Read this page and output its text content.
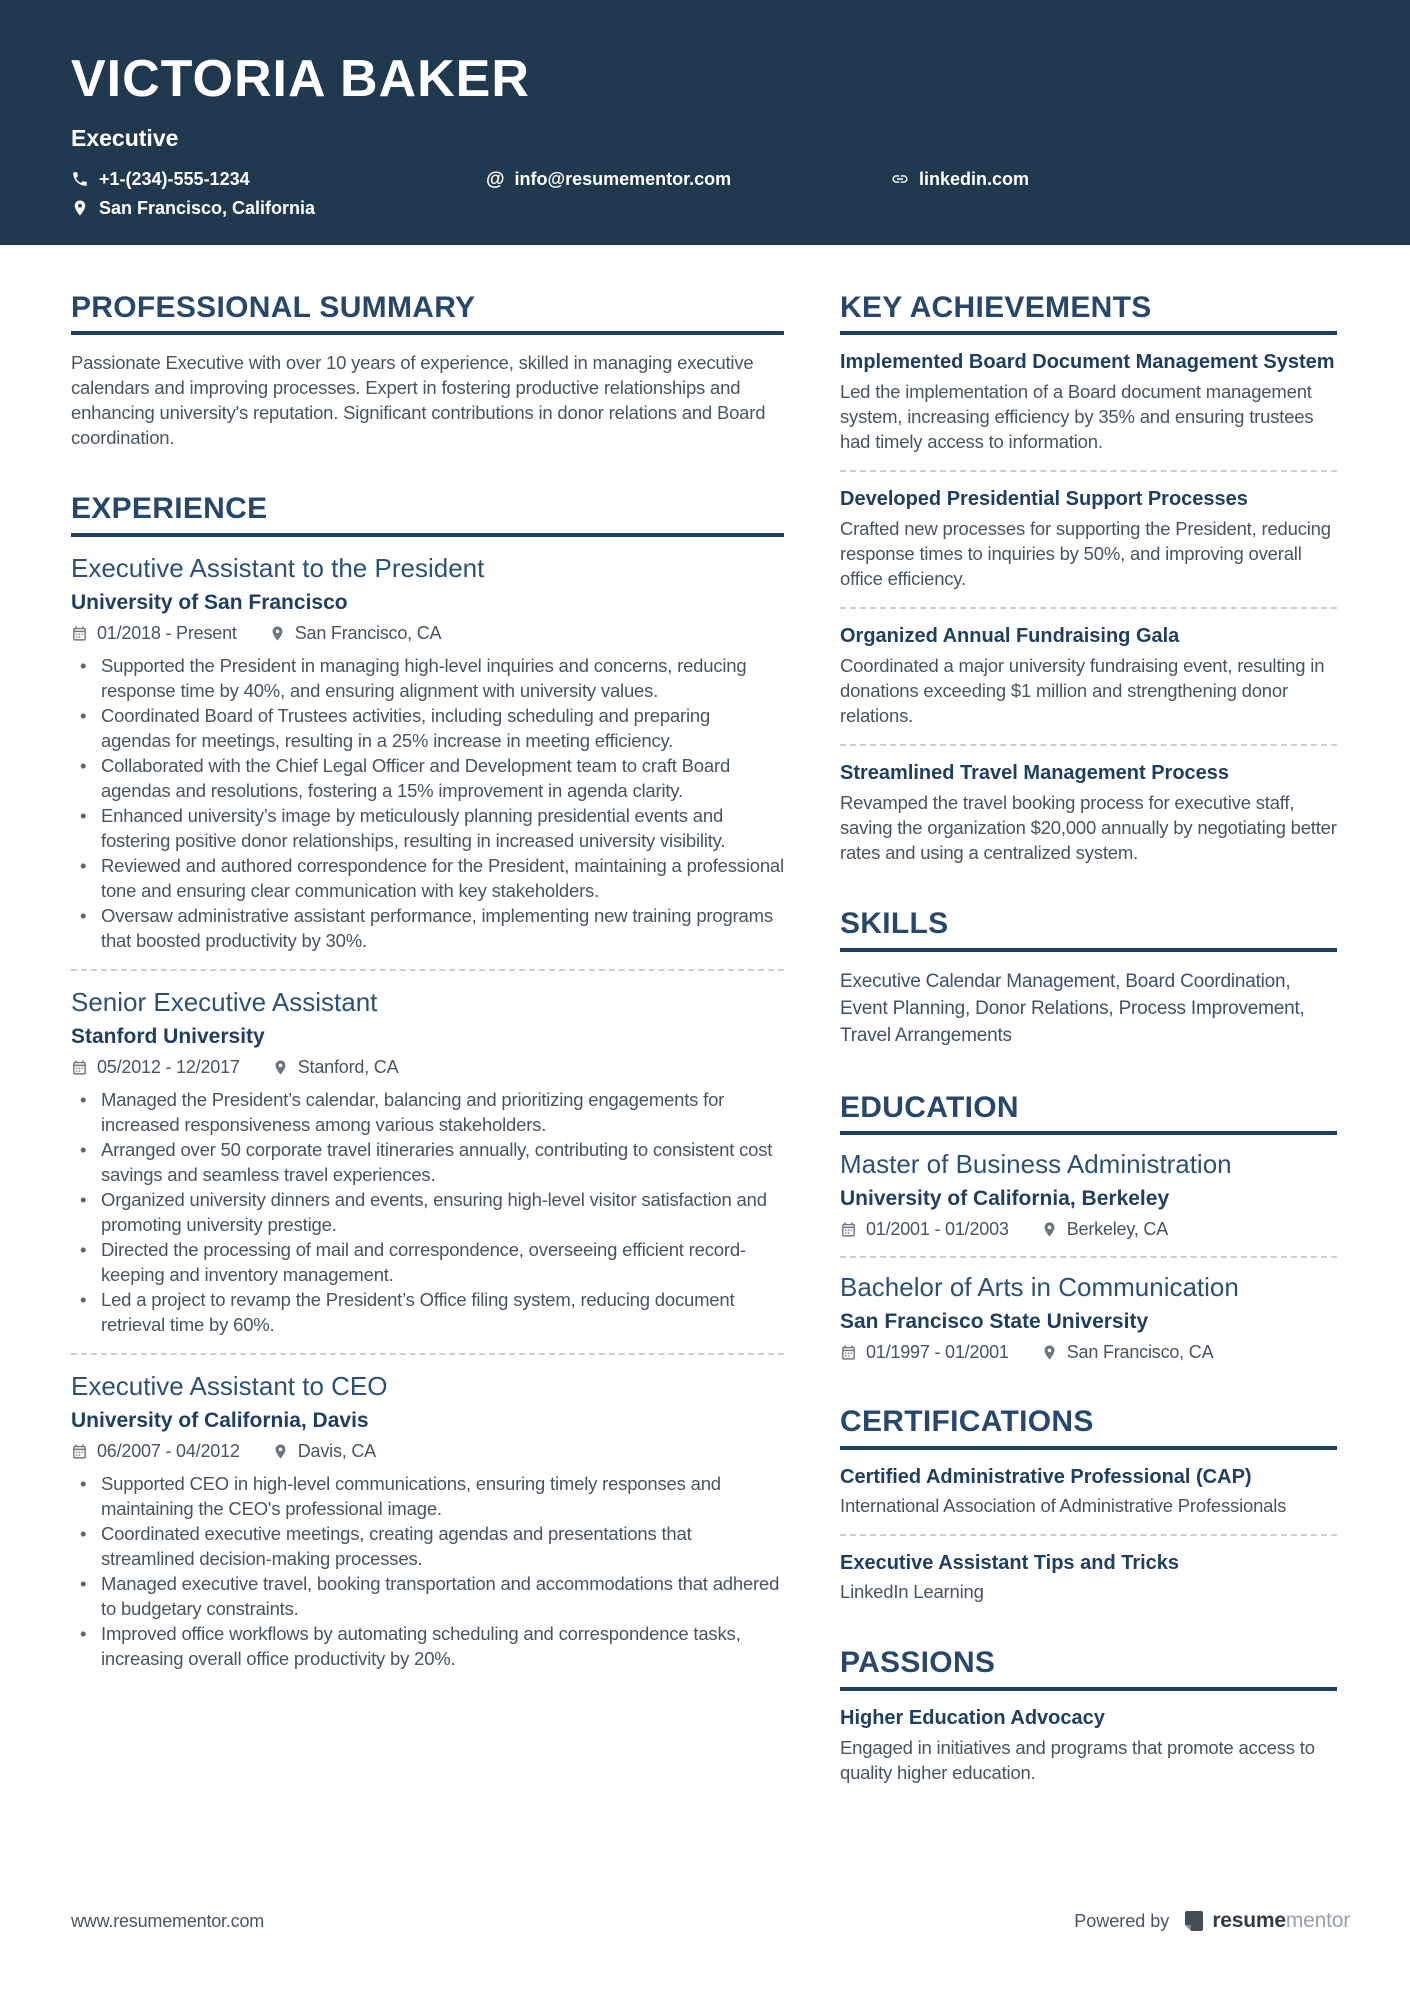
VICTORIA BAKER
Executive
+1-(234)-555-1234	@ info@resumementor.com	linkedin.com
San Francisco, California
PROFESSIONAL SUMMARY

Passionate Executive with over 10 years of experience, skilled in managing executive calendars and improving processes. Expert in fostering productive relationships and enhancing university's reputation. Significant contributions in donor relations and Board coordination.

EXPERIENCE
Executive Assistant to the President
University of San Francisco
01/2018 - Present	San Francisco, CA
• Supported the President in managing high-level inquiries and concerns, reducing response time by 40%, and ensuring alignment with university values.
• Coordinated Board of Trustees activities, including scheduling and preparing agendas for meetings, resulting in a 25% increase in meeting efficiency.
• Collaborated with the Chief Legal Officer and Development team to craft Board agendas and resolutions, fostering a 15% improvement in agenda clarity.
• Enhanced university’s image by meticulously planning presidential events and fostering positive donor relationships, resulting in increased university visibility.
• Reviewed and authored correspondence for the President, maintaining a professional tone and ensuring clear communication with key stakeholders.
• Oversaw administrative assistant performance, implementing new training programs that boosted productivity by 30%.
Senior Executive Assistant
Stanford University
05/2012 - 12/2017	Stanford, CA
• Managed the President’s calendar, balancing and prioritizing engagements for increased responsiveness among various stakeholders.
• Arranged over 50 corporate travel itineraries annually, contributing to consistent cost savings and seamless travel experiences.
• Organized university dinners and events, ensuring high-level visitor satisfaction and promoting university prestige.
• Directed the processing of mail and correspondence, overseeing efficient record-keeping and inventory management.
• Led a project to revamp the President’s Office filing system, reducing document retrieval time by 60%.
Executive Assistant to CEO
University of California, Davis
06/2007 - 04/2012	Davis, CA
• Supported CEO in high-level communications, ensuring timely responses and maintaining the CEO's professional image.
• Coordinated executive meetings, creating agendas and presentations that streamlined decision-making processes.
• Managed executive travel, booking transportation and accommodations that adhered to budgetary constraints.
• Improved office workflows by automating scheduling and correspondence tasks, increasing overall office productivity by 20%.
KEY ACHIEVEMENTS
Implemented Board Document Management System
Led the implementation of a Board document management system, increasing efficiency by 35% and ensuring trustees had timely access to information.
Developed Presidential Support Processes
Crafted new processes for supporting the President, reducing response times to inquiries by 50%, and improving overall office efficiency.
Organized Annual Fundraising Gala
Coordinated a major university fundraising event, resulting in donations exceeding $1 million and strengthening donor relations.
Streamlined Travel Management Process
Revamped the travel booking process for executive staff, saving the organization $20,000 annually by negotiating better rates and using a centralized system.
SKILLS

Executive Calendar Management, Board Coordination, Event Planning, Donor Relations, Process Improvement, Travel Arrangements

EDUCATION
Master of Business Administration
University of California, Berkeley
01/2001 - 01/2003	Berkeley, CA
Bachelor of Arts in Communication
San Francisco State University
01/1997 - 01/2001	San Francisco, CA
CERTIFICATIONS
Certified Administrative Professional (CAP)
International Association of Administrative Professionals
Executive Assistant Tips and Tricks
LinkedIn Learning
PASSIONS
Higher Education Advocacy
Engaged in initiatives and programs that promote access to quality higher education.
www.resumementor.com	Powered by resumementor
